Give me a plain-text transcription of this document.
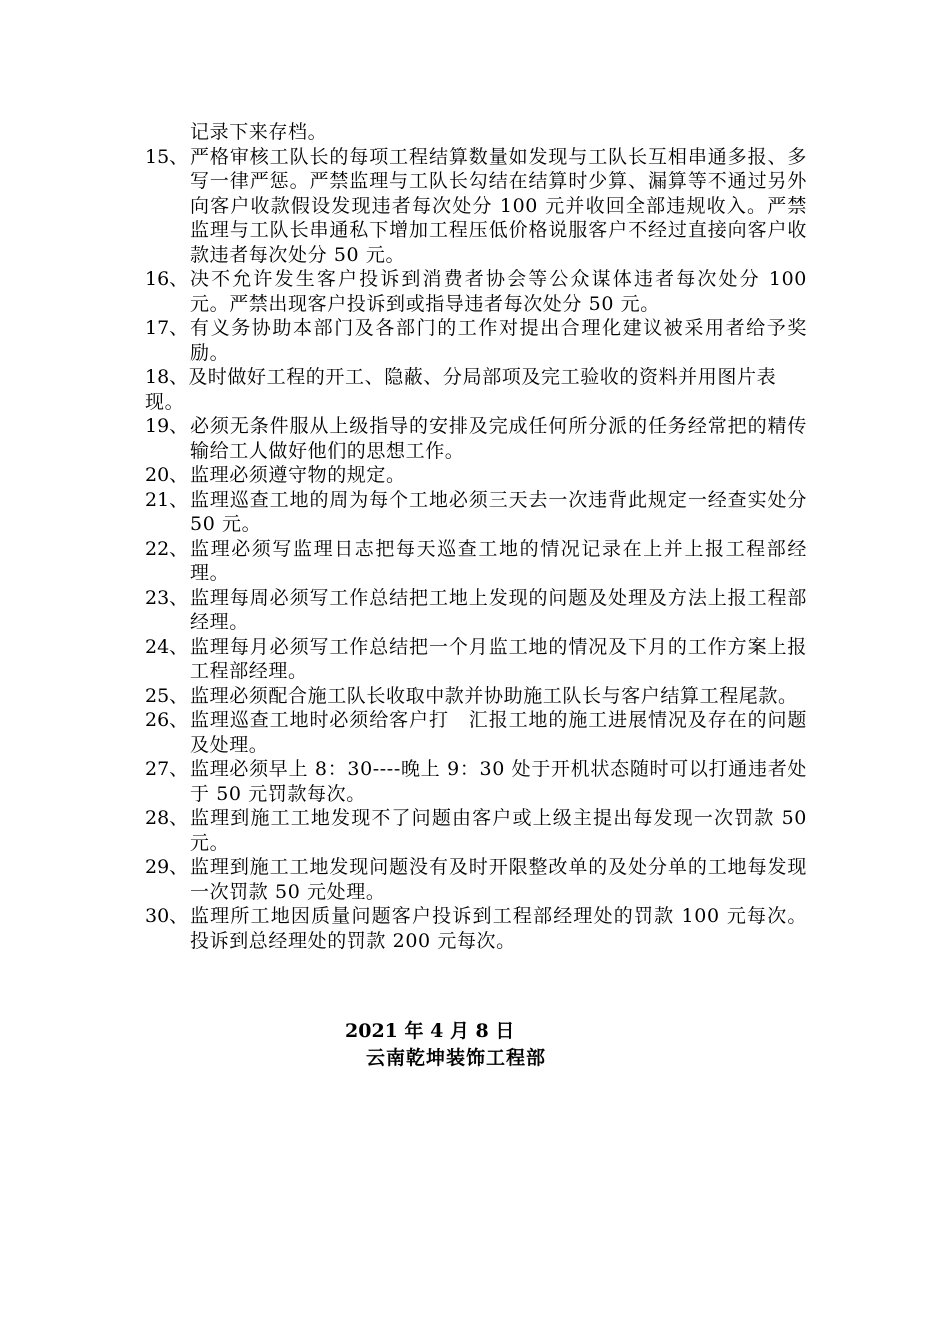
记录下来存档。
15、 严格审核工队长的每项工程结算数量如发现与工队长互相串通多报、多写一律严惩。严禁监理与工队长勾结在结算时少算、漏算等不通过另外向客户收款假设发现违者每次处分 100 元并收回全部违规收入。严禁监理与工队长串通私下增加工程压低价格说服客户不经过直接向客户收款违者每次处分 50 元。
16、 决不允许发生客户投诉到消费者协会等公众谋体违者每次处分 100 元。严禁出现客户投诉到或指导违者每次处分 50 元。
17、 有义务协助本部门及各部门的工作对提出合理化建议被采用者给予奖励。
18、及时做好工程的开工、隐蔽、分局部项及完工验收的资料并用图片表现。
19、 必须无条件服从上级指导的安排及完成任何所分派的任务经常把的精传输给工人做好他们的思想工作。
20、 监理必须遵守物的规定。
21、 监理巡查工地的周为每个工地必须三天去一次违背此规定一经查实处分 50 元。
22、 监理必须写监理日志把每天巡查工地的情况记录在上并上报工程部经理。
23、 监理每周必须写工作总结把工地上发现的问题及处理及方法上报工程部经理。
24、 监理每月必须写工作总结把一个月监工地的情况及下月的工作方案上报工程部经理。
25、 监理必须配合施工队长收取中款并协助施工队长与客户结算工程尾款。
26、 监理巡查工地时必须给客户打　汇报工地的施工进展情况及存在的问题及处理。
27、 监理必须早上 8：30----晚上 9：30 处于开机状态随时可以打通违者处于 50 元罚款每次。
28、 监理到施工工地发现不了问题由客户或上级主提出每发现一次罚款 50 元。
29、 监理到施工工地发现问题没有及时开限整改单的及处分单的工地每发现一次罚款 50 元处理。
30、 监理所工地因质量问题客户投诉到工程部经理处的罚款 100 元每次。投诉到总经理处的罚款 200 元每次。
2021 年 4 月 8 日
云南乾坤装饰工程部
